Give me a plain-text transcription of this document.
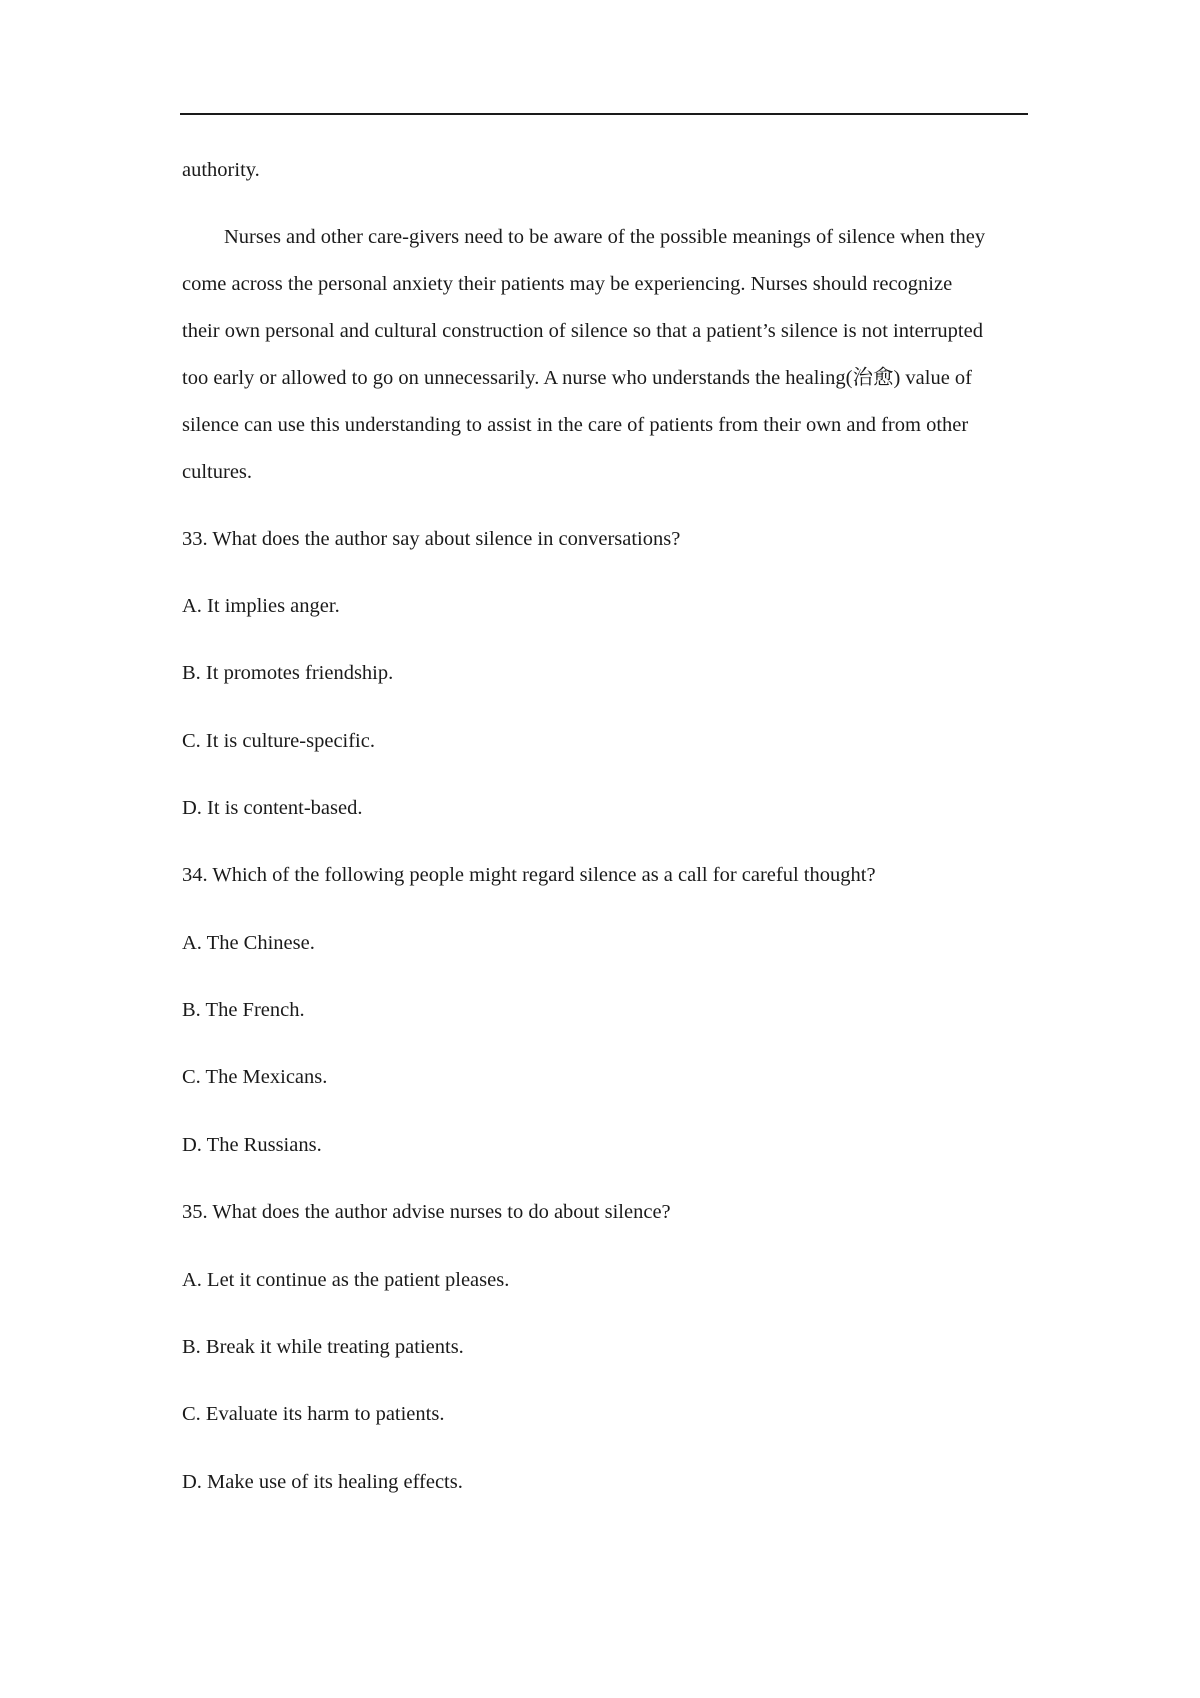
authority.

Nurses and other care-givers need to be aware of the possible meanings of silence when they

come across the personal anxiety their patients may be experiencing. Nurses should recognize

their own personal and cultural construction of silence so that a patient’s silence is not interrupted

too early or allowed to go on unnecessarily. A nurse who understands the healing(治愈) value of

silence can use this understanding to assist in the care of patients from their own and from other

cultures.

33. What does the author say about silence in conversations?

A. It implies anger.

B. It promotes friendship.

C. It is culture-specific.

D. It is content-based.

34. Which of the following people might regard silence as a call for careful thought?

A. The Chinese.

B. The French.

C. The Mexicans.

D. The Russians.

35. What does the author advise nurses to do about silence?

A. Let it continue as the patient pleases.

B. Break it while treating patients.

C. Evaluate its harm to patients.

D. Make use of its healing effects.
